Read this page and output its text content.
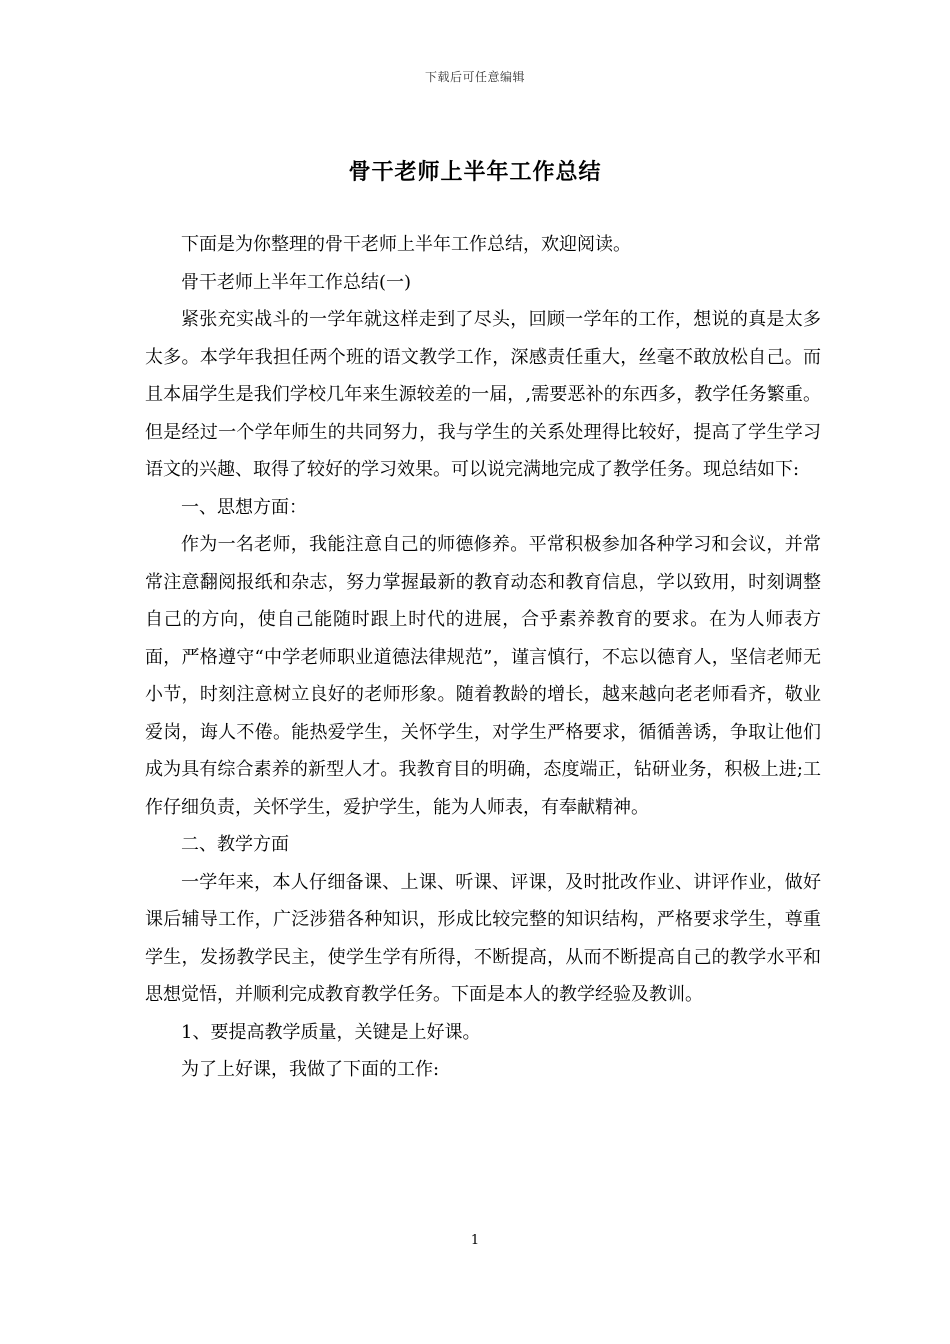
下载后可任意编辑
骨干老师上半年工作总结

下面是为你整理的骨干老师上半年工作总结，欢迎阅读。

骨干老师上半年工作总结(一)

紧张充实战斗的一学年就这样走到了尽头，回顾一学年的工作，想说的真是太多太多。本学年我担任两个班的语文教学工作，深感责任重大，丝毫不敢放松自己。而且本届学生是我们学校几年来生源较差的一届，,需要恶补的东西多，教学任务繁重。但是经过一个学年师生的共同努力，我与学生的关系处理得比较好，提高了学生学习语文的兴趣、取得了较好的学习效果。可以说完满地完成了教学任务。现总结如下:

一、思想方面：

作为一名老师，我能注意自己的师德修养。平常积极参加各种学习和会议，并常常注意翻阅报纸和杂志，努力掌握最新的教育动态和教育信息，学以致用，时刻调整自己的方向，使自己能随时跟上时代的进展，合乎素养教育的要求。在为人师表方面，严格遵守“中学老师职业道德法律规范”，谨言慎行，不忘以德育人，坚信老师无小节，时刻注意树立良好的老师形象。随着教龄的增长，越来越向老老师看齐，敬业爱岗，诲人不倦。能热爱学生，关怀学生，对学生严格要求，循循善诱，争取让他们成为具有综合素养的新型人才。我教育目的明确，态度端正，钻研业务，积极上进;工作仔细负责，关怀学生，爱护学生，能为人师表，有奉献精神。

二、教学方面

一学年来，本人仔细备课、上课、听课、评课，及时批改作业、讲评作业，做好课后辅导工作，广泛涉猎各种知识，形成比较完整的知识结构，严格要求学生，尊重学生，发扬教学民主，使学生学有所得，不断提高，从而不断提高自己的教学水平和思想觉悟，并顺利完成教育教学任务。下面是本人的教学经验及教训。

1、要提高教学质量，关键是上好课。

为了上好课，我做了下面的工作:

1
